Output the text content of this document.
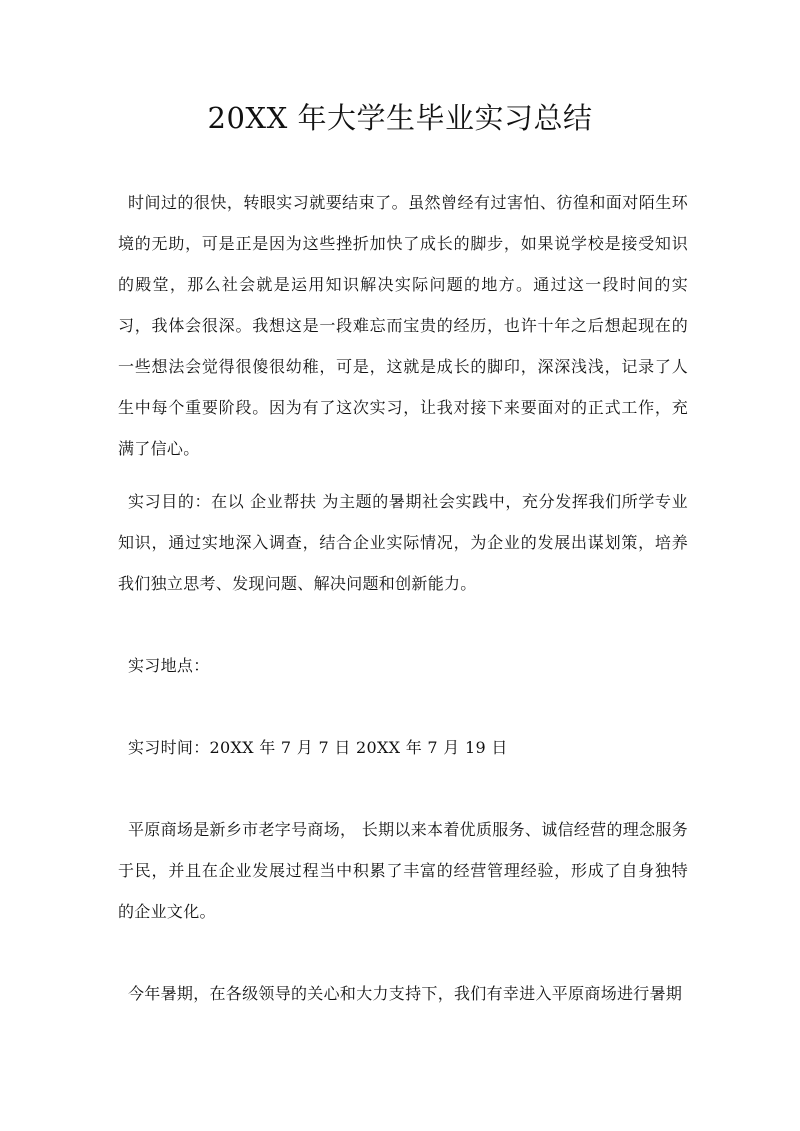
20XX 年大学生毕业实习总结

时间过的很快，转眼实习就要结束了。虽然曾经有过害怕、彷徨和面对陌生环境的无助，可是正是因为这些挫折加快了成长的脚步，如果说学校是接受知识的殿堂，那么社会就是运用知识解决实际问题的地方。通过这一段时间的实习，我体会很深。我想这是一段难忘而宝贵的经历，也许十年之后想起现在的一些想法会觉得很傻很幼稚，可是，这就是成长的脚印，深深浅浅，记录了人生中每个重要阶段。因为有了这次实习，让我对接下来要面对的正式工作，充满了信心。

实习目的：在以 企业帮扶 为主题的暑期社会实践中，充分发挥我们所学专业知识，通过实地深入调查，结合企业实际情况，为企业的发展出谋划策，培养我们独立思考、发现问题、解决问题和创新能力。

实习地点：

实习时间：20XX 年 7 月 7 日 20XX 年 7 月 19 日

平原商场是新乡市老字号商场， 长期以来本着优质服务、诚信经营的理念服务于民，并且在企业发展过程当中积累了丰富的经营管理经验，形成了自身独特的企业文化。

今年暑期，在各级领导的关心和大力支持下，我们有幸进入平原商场进行暑期
